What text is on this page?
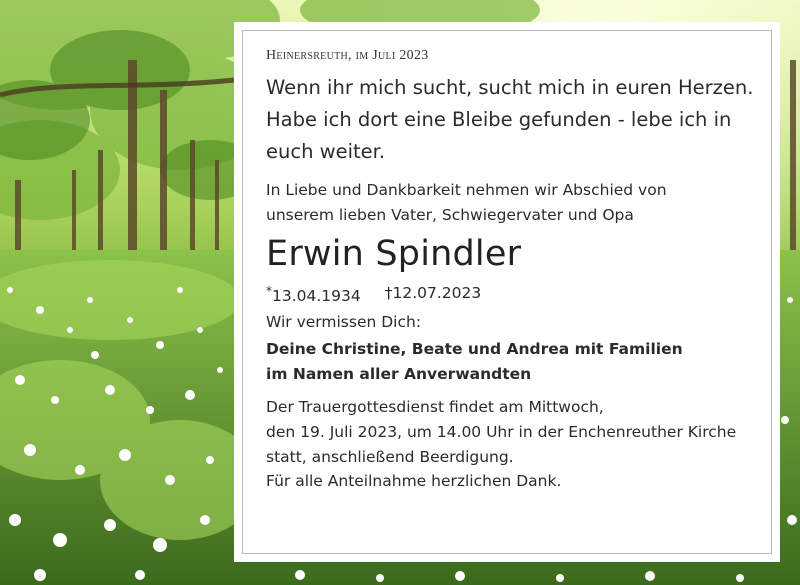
Heinersreuth, im Juli 2023

Wenn ihr mich sucht, sucht mich in euren Herzen.
Habe ich dort eine Bleibe gefunden - lebe ich in
euch weiter.
In Liebe und Dankbarkeit nehmen wir Abschied von
unserem lieben Vater, Schwiegervater und Opa
Erwin Spindler
*13.04.1934 †12.07.2023
Wir vermissen Dich:
Deine Christine, Beate und Andrea mit Familien
im Namen aller Anverwandten
Der Trauergottesdienst findet am Mittwoch,
den 19. Juli 2023, um 14.00 Uhr in der Enchenreuther Kirche
statt, anschließend Beerdigung.
Für alle Anteilnahme herzlichen Dank.
